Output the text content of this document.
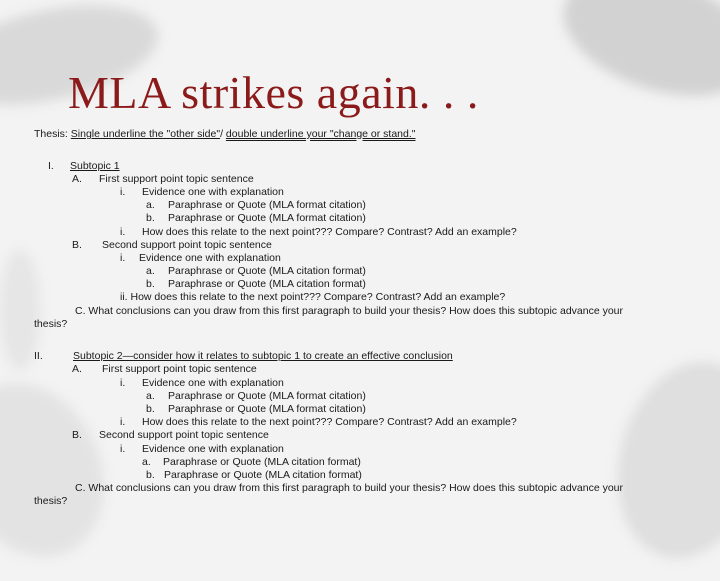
MLA strikes again. . .
Thesis: Single underline the "other side"/ double underline your "change or stand."
I. Subtopic 1
A. First support point topic sentence
i. Evidence one with explanation
a. Paraphrase or Quote (MLA format citation)
b. Paraphrase or Quote (MLA format citation)
i. How does this relate to the next point??? Compare? Contrast? Add an example?
B. Second support point topic sentence
i. Evidence one with explanation
a. Paraphrase or Quote (MLA citation format)
b. Paraphrase or Quote (MLA citation format)
ii. How does this relate to the next point??? Compare? Contrast? Add an example?
C. What conclusions can you draw from this first paragraph to build your thesis? How does this subtopic advance your
thesis?
II.	Subtopic 2—consider how it relates to subtopic 1 to create an effective conclusion
A. First support point topic sentence
i. Evidence one with explanation
a. Paraphrase or Quote (MLA format citation)
b. Paraphrase or Quote (MLA format citation)
i. How does this relate to the next point??? Compare? Contrast? Add an example?
B. Second support point topic sentence
i. Evidence one with explanation
a. Paraphrase or Quote (MLA citation format)
b. Paraphrase or Quote (MLA citation format)
C. What conclusions can you draw from this first paragraph to build your thesis? How does this subtopic advance your
thesis?
